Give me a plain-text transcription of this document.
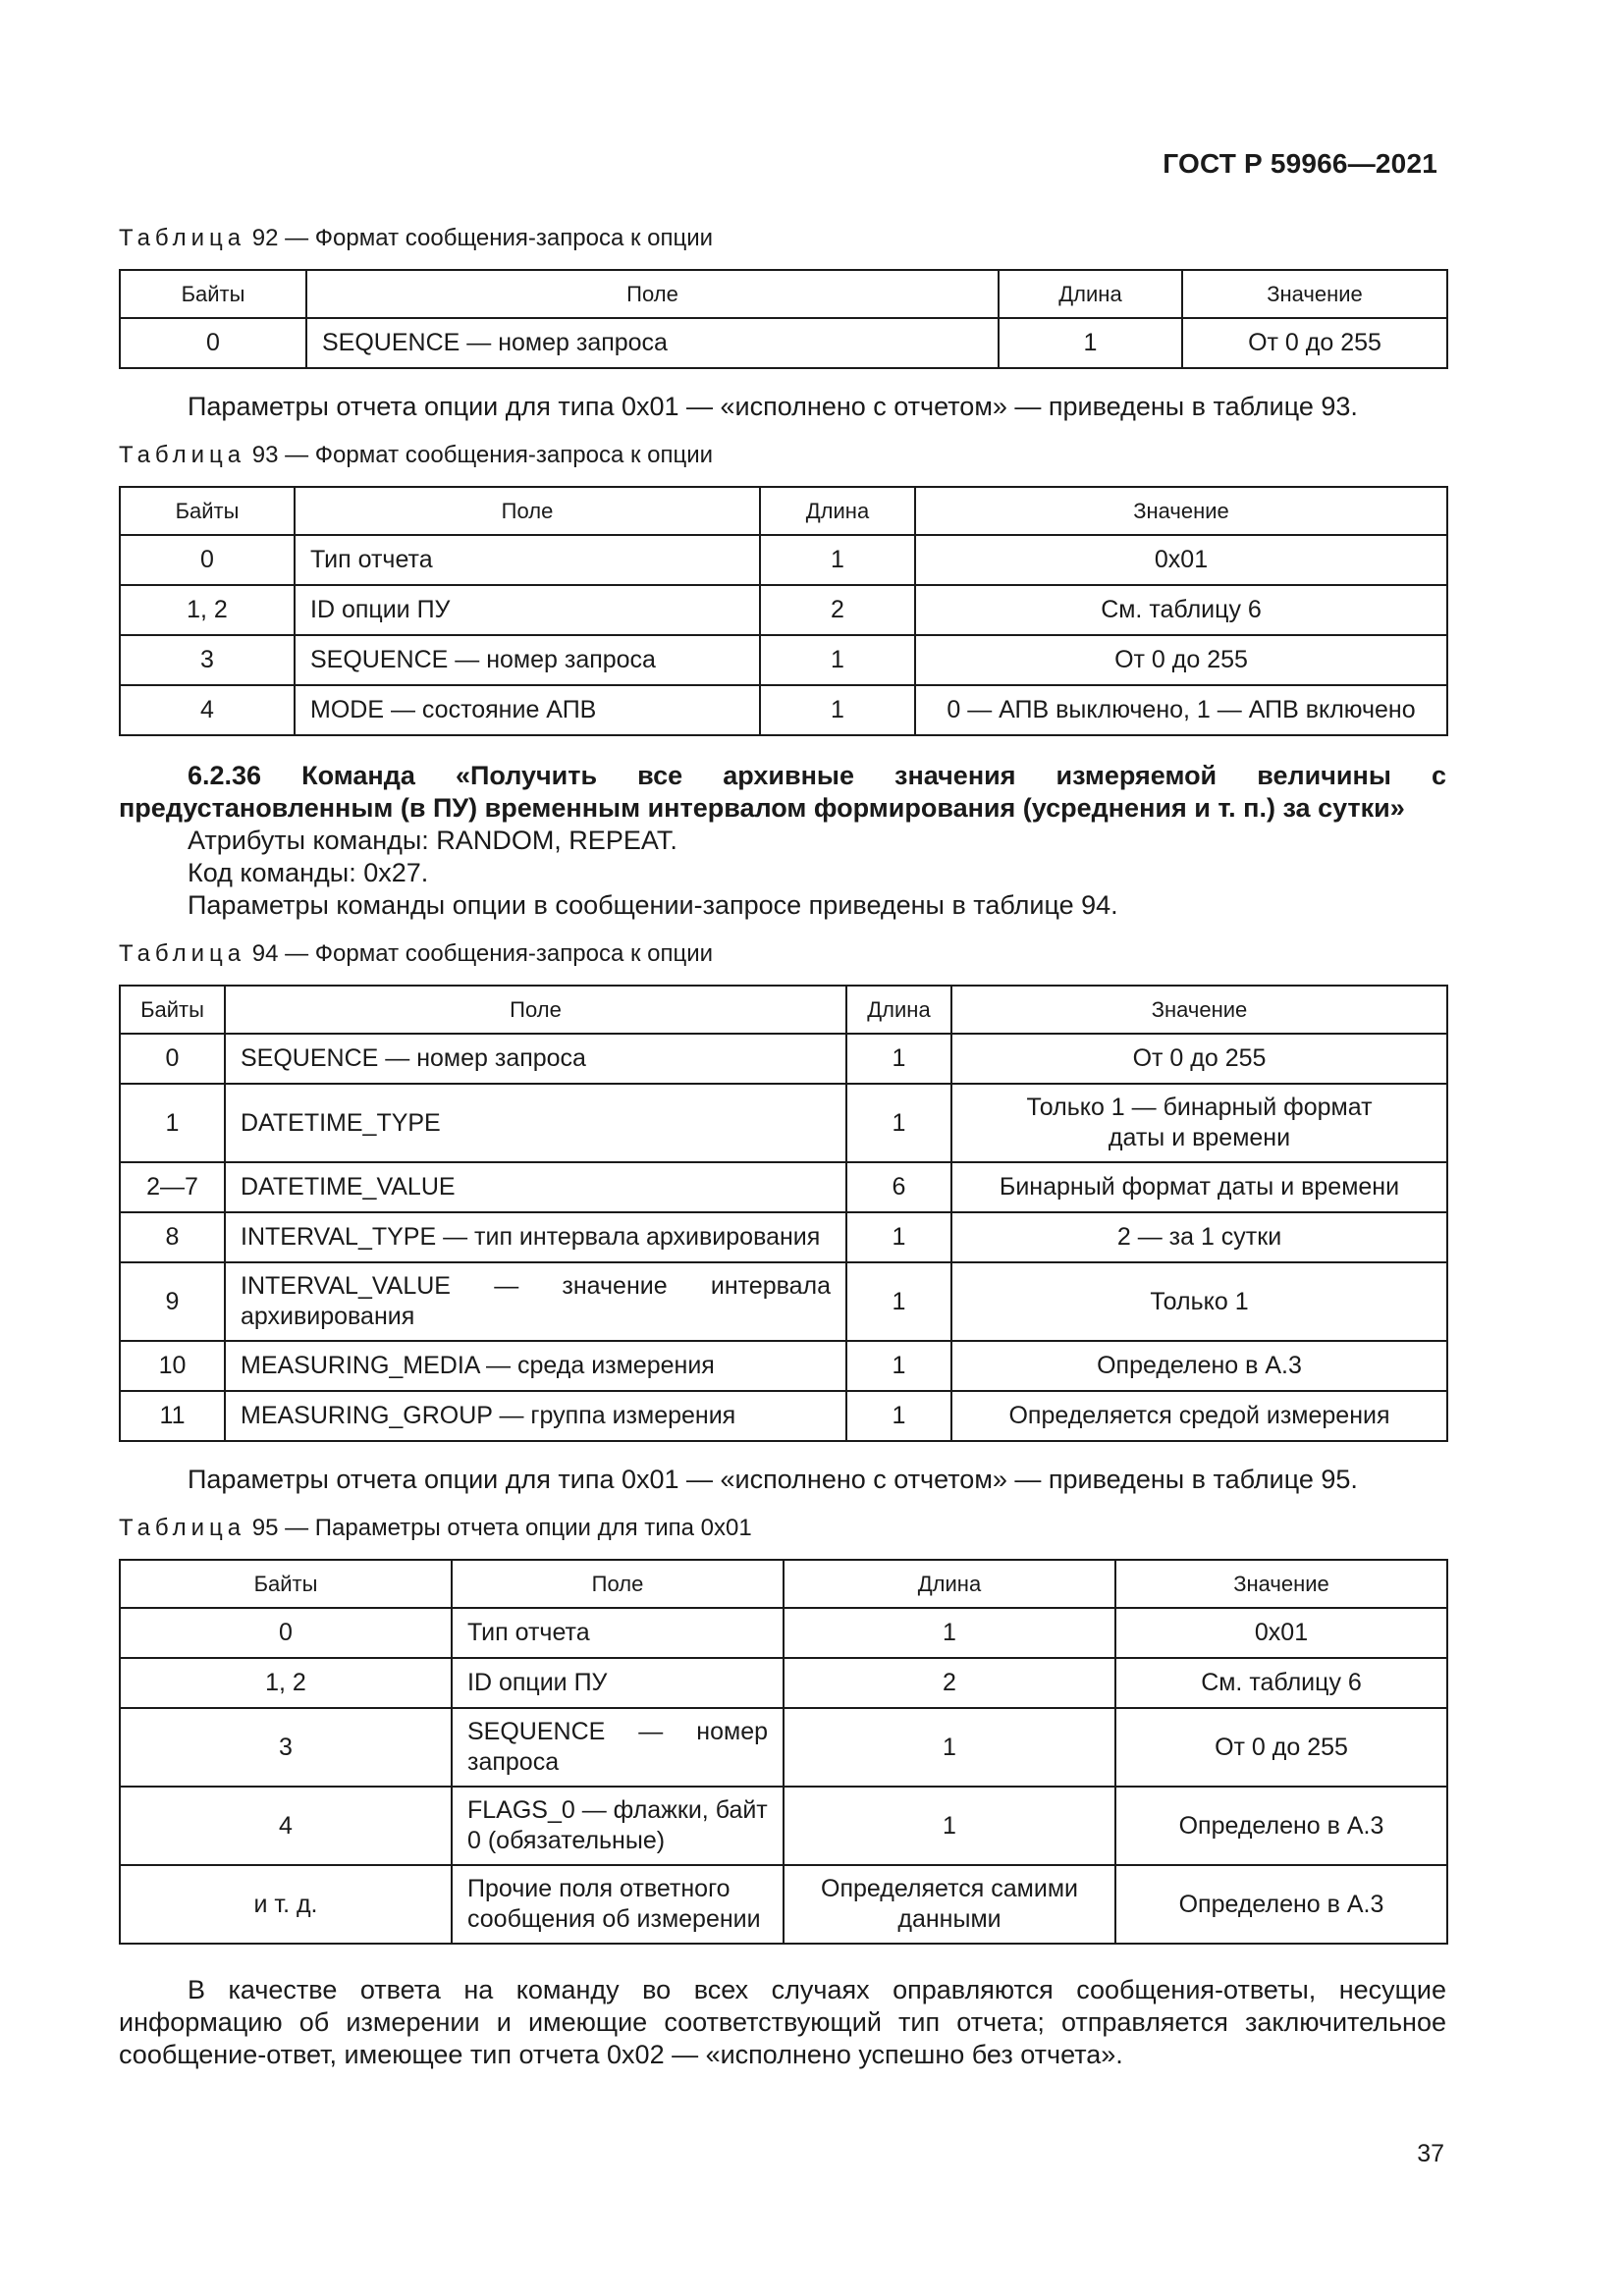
ГОСТ Р 59966—2021
Таблица 92 — Формат сообщения-запроса к опции
Байты	Поле	Длина	Значение
0	SEQUENCE — номер запроса	1	От 0 до 255

Параметры отчета опции для типа 0x01 — «исполнено с отчетом» — приведены в таблице 93.

Таблица 93 — Формат сообщения-запроса к опции
Байты	Поле	Длина	Значение
0	Тип отчета	1	0x01
1, 2	ID опции ПУ	2	См. таблицу 6
3	SEQUENCE — номер запроса	1	От 0 до 255
4	MODE — состояние АПВ	1	0 — АПВ выключено, 1 — АПВ включено

6.2.36 Команда «Получить все архивные значения измеряемой величины с предустановленным (в ПУ) временным интервалом формирования (усреднения и т. п.) за сутки»

Атрибуты команды: RANDOM, REPEAT.

Код команды: 0x27.

Параметры команды опции в сообщении-запросе приведены в таблице 94.

Таблица 94 — Формат сообщения-запроса к опции
Байты	Поле	Длина	Значение
0	SEQUENCE — номер запроса	1	От 0 до 255
1	DATETIME_TYPE	1	Только 1 — бинарный формат даты и времени
2—7	DATETIME_VALUE	6	Бинарный формат даты и времени
8	INTERVAL_TYPE — тип интервала архивирования	1	2 — за 1 сутки
9	INTERVAL_VALUE — значение интервала архивирования	1	Только 1
10	MEASURING_MEDIA — среда измерения	1	Определено в А.3
11	MEASURING_GROUP — группа измерения	1	Определяется средой измерения

Параметры отчета опции для типа 0x01 — «исполнено с отчетом» — приведены в таблице 95.

Таблица 95 — Параметры отчета опции для типа 0x01
Байты	Поле	Длина	Значение
0	Тип отчета	1	0x01
1, 2	ID опции ПУ	2	См. таблицу 6
3	SEQUENCE — номер запроса	1	От 0 до 255
4	FLAGS_0 — флажки, байт 0 (обязательные)	1	Определено в А.3
и т. д.	Прочие поля ответного сообщения об измерении	Определяется самими данными	Определено в А.3

В качестве ответа на команду во всех случаях оправляются сообщения-ответы, несущие информацию об измерении и имеющие соответствующий тип отчета; отправляется заключительное сообщение-ответ, имеющее тип отчета 0x02 — «исполнено успешно без отчета».

37
